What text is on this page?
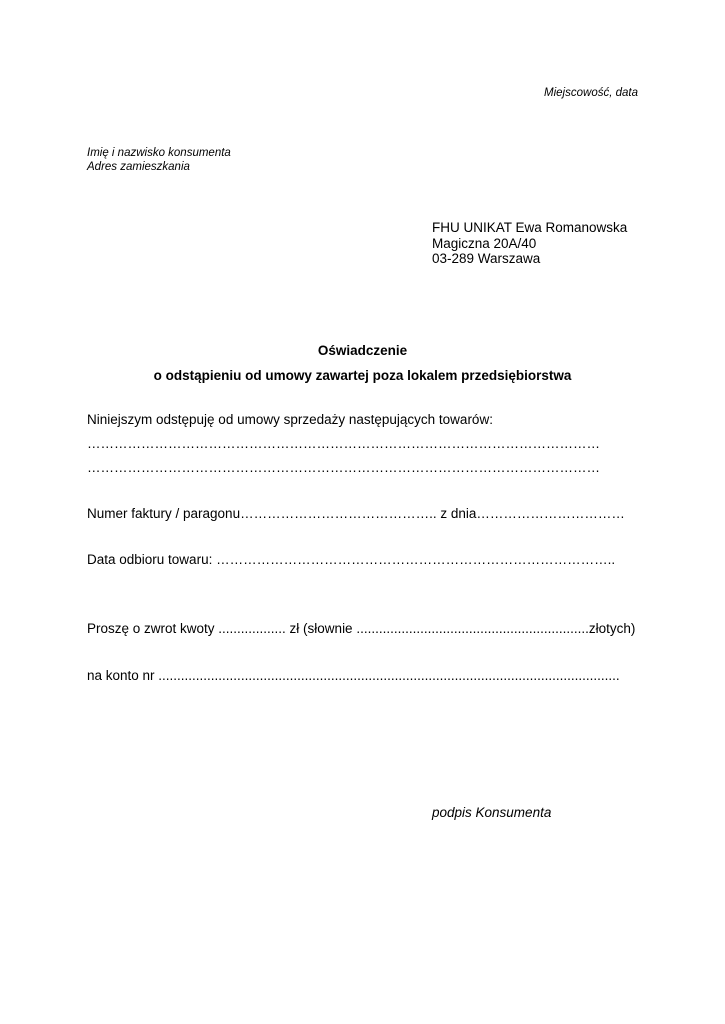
Miejscowość, data
Imię i nazwisko konsumenta
Adres zamieszkania
FHU UNIKAT Ewa Romanowska
Magiczna 20A/40
03-289 Warszawa
Oświadczenie
o odstąpieniu od umowy zawartej poza lokalem przedsiębiorstwa
Niniejszym odstępuję od umowy sprzedaży następujących towarów:
……………………………………………………………………………………………………
……………………………………………………………………………………………………
Numer faktury / paragonu…………………………………….. z dnia……………………………
Data odbioru towaru: ……………………………………………………………………………..
Proszę o zwrot kwoty .................. zł (słownie ..............................................................złotych)
na konto nr ...........................................................................................................................
podpis Konsumenta
